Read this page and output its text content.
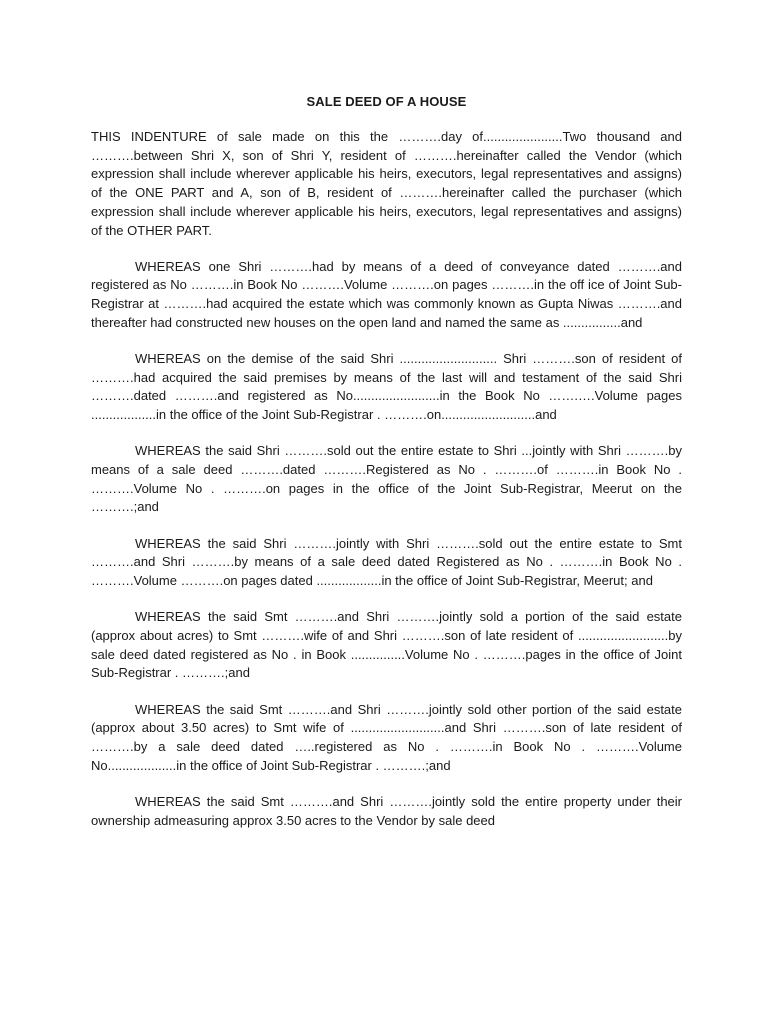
SALE DEED OF A HOUSE

THIS INDENTURE of sale made on this the ……….day of......................Two thousand and ……….between Shri X, son of Shri Y, resident of ……….hereinafter called the Vendor (which expression shall include wherever applicable his heirs, executors, legal representatives and assigns) of the ONE PART and A, son of B, resident of ……….hereinafter called the purchaser (which expression shall include wherever applicable his heirs, executors, legal representatives and assigns) of the OTHER PART.

WHEREAS one Shri ……….had by means of a deed of conveyance dated ……….and registered as No ……….in Book No ……….Volume ……….on pages ……….in the off ice of Joint Sub-Registrar at ……….had acquired the estate which was commonly known as Gupta Niwas ……….and thereafter had constructed new houses on the open land and named the same as ................and

WHEREAS on the demise of the said Shri ........................... Shri ……….son of resident of ……….had acquired the said premises by means of the last will and testament of the said Shri ……….dated ……….and registered as No........................in the Book No …….….Volume pages ..................in the office of the Joint Sub-Registrar . ……….on..........................and

WHEREAS the said Shri ……….sold out the entire estate to Shri ...jointly with Shri ……….by means of a sale deed ……….dated ……….Registered as No . ……….of ……….in Book No . ……….Volume No . ……….on pages in the office of the Joint Sub-Registrar, Meerut on the ……….;and

WHEREAS the said Shri ……….jointly with Shri ……….sold out the entire estate to Smt ……….and Shri ……….by means of a sale deed dated Registered as No . ……….in Book No . ……….Volume ……….on pages dated ..................in the office of Joint Sub-Registrar, Meerut; and

WHEREAS the said Smt ……….and Shri ……….jointly sold a portion of the said estate (approx about acres) to Smt ……….wife of and Shri ……….son of late resident of .........................by sale deed dated registered as No . in Book ...............Volume No . ……….pages in the office of Joint Sub-Registrar . ……….;and

WHEREAS the said Smt ……….and Shri ……….jointly sold other portion of the said estate (approx about 3.50 acres) to Smt wife of ..........................and Shri ……….son of late resident of ……….by a sale deed dated …..registered as No . ……….in Book No . ……….Volume No...................in the office of Joint Sub-Registrar . ……….;and

WHEREAS the said Smt ……….and Shri ……….jointly sold the entire property under their ownership admeasuring approx 3.50 acres to the Vendor by sale deed
